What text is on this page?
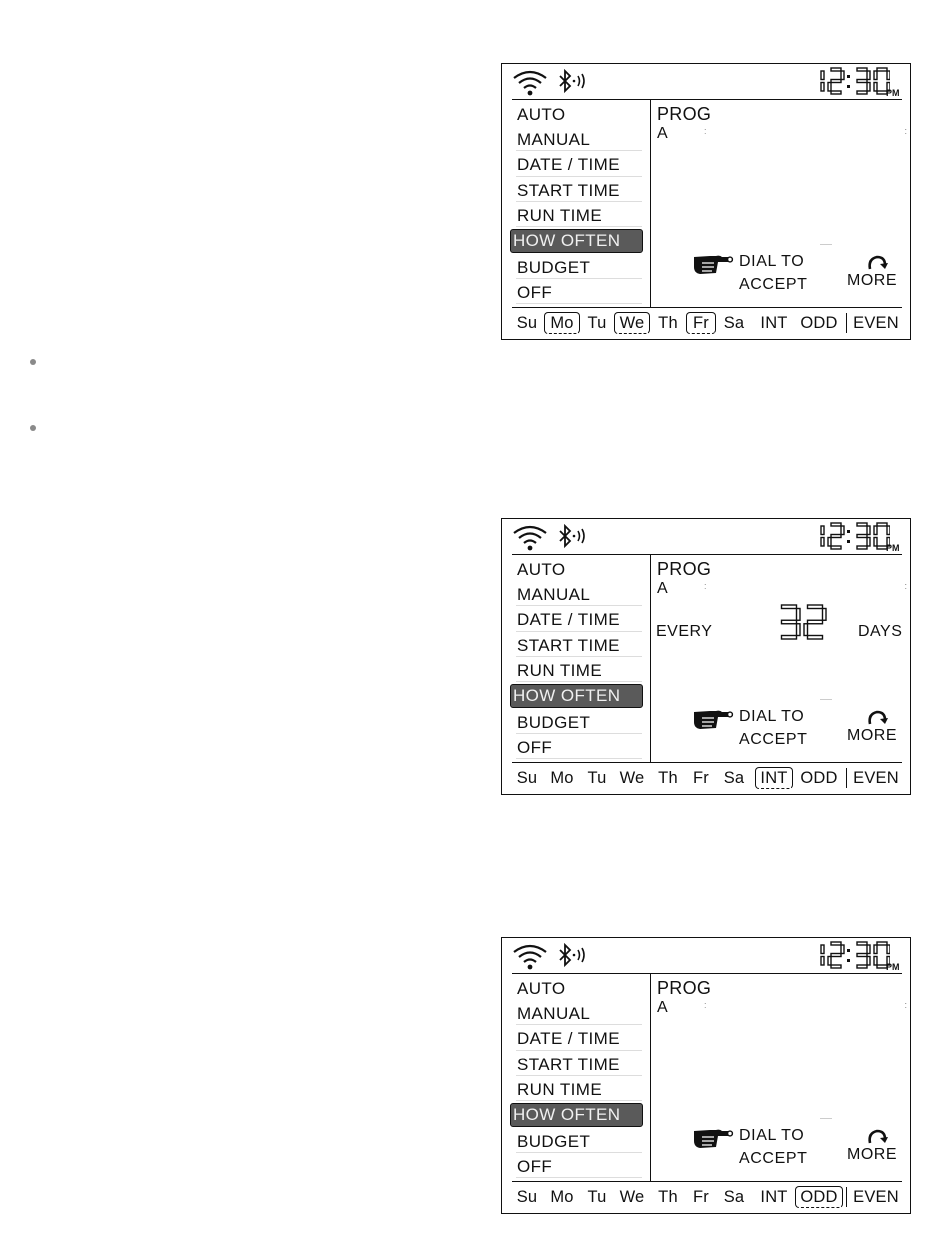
PM
AUTO
MANUAL
DATE / TIME
START TIME
RUN TIME
HOW OFTEN
BUDGET
OFF
PROG
A	:	:
DIAL TO
ACCEPT MORE
Su Mo Tu We Th Fr Sa INT ODD EVEN
PM
AUTO
MANUAL
DATE / TIME
START TIME
RUN TIME
HOW OFTEN
BUDGET
OFF
PROG
A	:	:
EVERY	DAYS
DIAL TO
ACCEPT MORE
Su Mo Tu We Th Fr Sa INT ODD EVEN
PM
AUTO
MANUAL
DATE / TIME
START TIME
RUN TIME
HOW OFTEN
BUDGET
OFF
PROG
A	:	:
DIAL TO
ACCEPT MORE
Su Mo Tu We Th Fr Sa INT ODD EVEN
